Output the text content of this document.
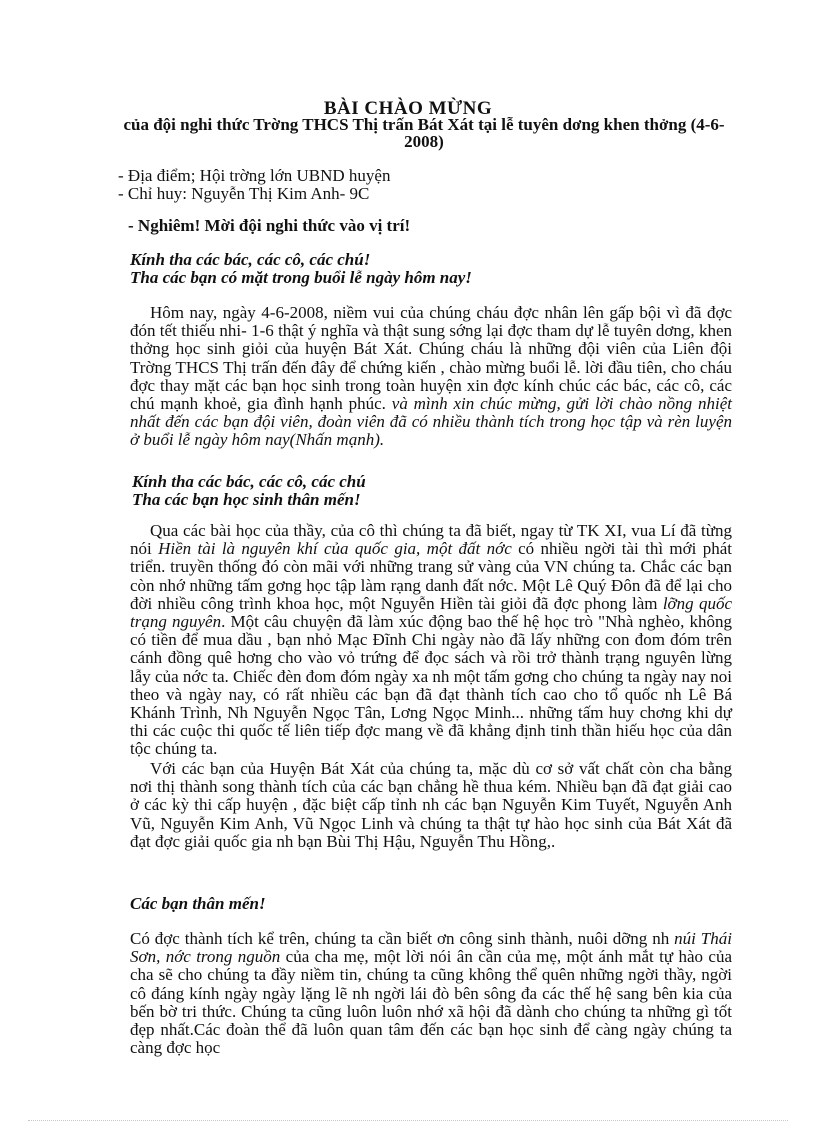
BÀI CHÀO MỪNG
của đội nghi thức Trờng THCS Thị trấn Bát Xát tại lễ tuyên dơng khen thởng (4-6-2008)
- Địa điểm; Hội trờng lớn UBND huyện
- Chỉ huy: Nguyễn Thị Kim Anh- 9C
- Nghiêm! Mời đội nghi thức vào vị trí!
Kính tha các bác, các cô, các chú!
Tha các bạn có mặt trong buổi lễ ngày hôm nay!
Hôm nay, ngày 4-6-2008, niềm vui của chúng cháu đợc nhân lên gấp bội vì đã đợc đón tết thiếu nhi- 1-6 thật ý nghĩa và thật sung sớng lại đợc tham dự lễ tuyên dơng, khen thởng học sinh giỏi của huyện Bát Xát. Chúng cháu là những đội viên của Liên đội Trờng THCS Thị trấn đến đây để chứng kiến , chào mừng buổi lễ. lời đầu tiên, cho cháu đợc thay mặt các bạn học sinh trong toàn huyện xin đợc kính chúc các bác, các cô, các chú mạnh khoẻ, gia đình hạnh phúc. và mình xin chúc mừng, gửi lời chào nồng nhiệt nhất đến các bạn đội viên, đoàn viên đã có nhiều thành tích trong học tập và rèn luyện ở buổi lễ ngày hôm nay(Nhấn mạnh).
Kính tha các bác, các cô, các chú
Tha các bạn học sinh thân mến!
Qua các bài học của thầy, của cô thì chúng ta đã biết, ngay từ TK XI, vua Lí đã từng nói Hiền tài là nguyên khí của quốc gia, một đất nớc có nhiều ngời tài thì mới phát triển. truyền thống đó còn mãi với những trang sử vàng của VN chúng ta. Chắc các bạn còn nhớ những tấm gơng học tập làm rạng danh đất nớc. Một Lê Quý Đôn đã để lại cho đời nhiều công trình khoa học, một Nguyễn Hiền tài giỏi đã đợc phong làm lỡng quốc trạng nguyên. Một câu chuyện đã làm xúc động bao thế hệ học trò "Nhà nghèo, không có tiền để mua dầu , bạn nhỏ Mạc Đĩnh Chi ngày nào đã lấy những con đom đóm trên cánh đồng quê hơng cho vào vỏ trứng để đọc sách và rồi trở thành trạng nguyên lừng lẫy của nớc ta. Chiếc đèn đom đóm ngày xa nh một tấm gơng cho chúng ta ngày nay noi theo và ngày nay, có rất nhiều các bạn đã đạt thành tích cao cho tổ quốc nh Lê Bá Khánh Trình, Nh Nguyễn Ngọc Tân, Lơng Ngọc Minh... những tấm huy chơng khi dự thi các cuộc thi quốc tế liên tiếp đợc mang về đã khẳng định tinh thần hiếu học của dân tộc chúng ta.
Với các bạn của Huyện Bát Xát của chúng ta, mặc dù cơ sở vất chất còn cha bằng nơi thị thành song thành tích của các bạn chẳng hề thua kém. Nhiều bạn đã đạt giải cao ở các kỳ thi cấp huyện , đặc biệt cấp tỉnh nh các bạn Nguyễn Kim Tuyết, Nguyễn Anh Vũ, Nguyễn Kim Anh, Vũ Ngọc Linh và chúng ta thật tự hào học sinh của Bát Xát đã đạt đợc giải quốc gia nh bạn Bùi Thị Hậu, Nguyễn Thu Hồng,.
Các bạn thân mến!
Có đợc thành tích kể trên, chúng ta cần biết ơn công sinh thành, nuôi dỡng nh núi Thái Sơn, nớc trong nguồn của cha mẹ, một lời nói ân cần của mẹ, một ánh mắt tự hào của cha sẽ cho chúng ta đầy niềm tin, chúng ta cũng không thể quên những ngời thầy, ngời cô đáng kính ngày ngày lặng lẽ nh ngời lái đò bên sông đa các thế hệ sang bên kia của bến bờ tri thức. Chúng ta cũng luôn luôn nhớ xã hội đã dành cho chúng ta những gì tốt đẹp nhất.Các đoàn thể đã luôn quan tâm đến các bạn học sinh để càng ngày chúng ta càng đợc học
